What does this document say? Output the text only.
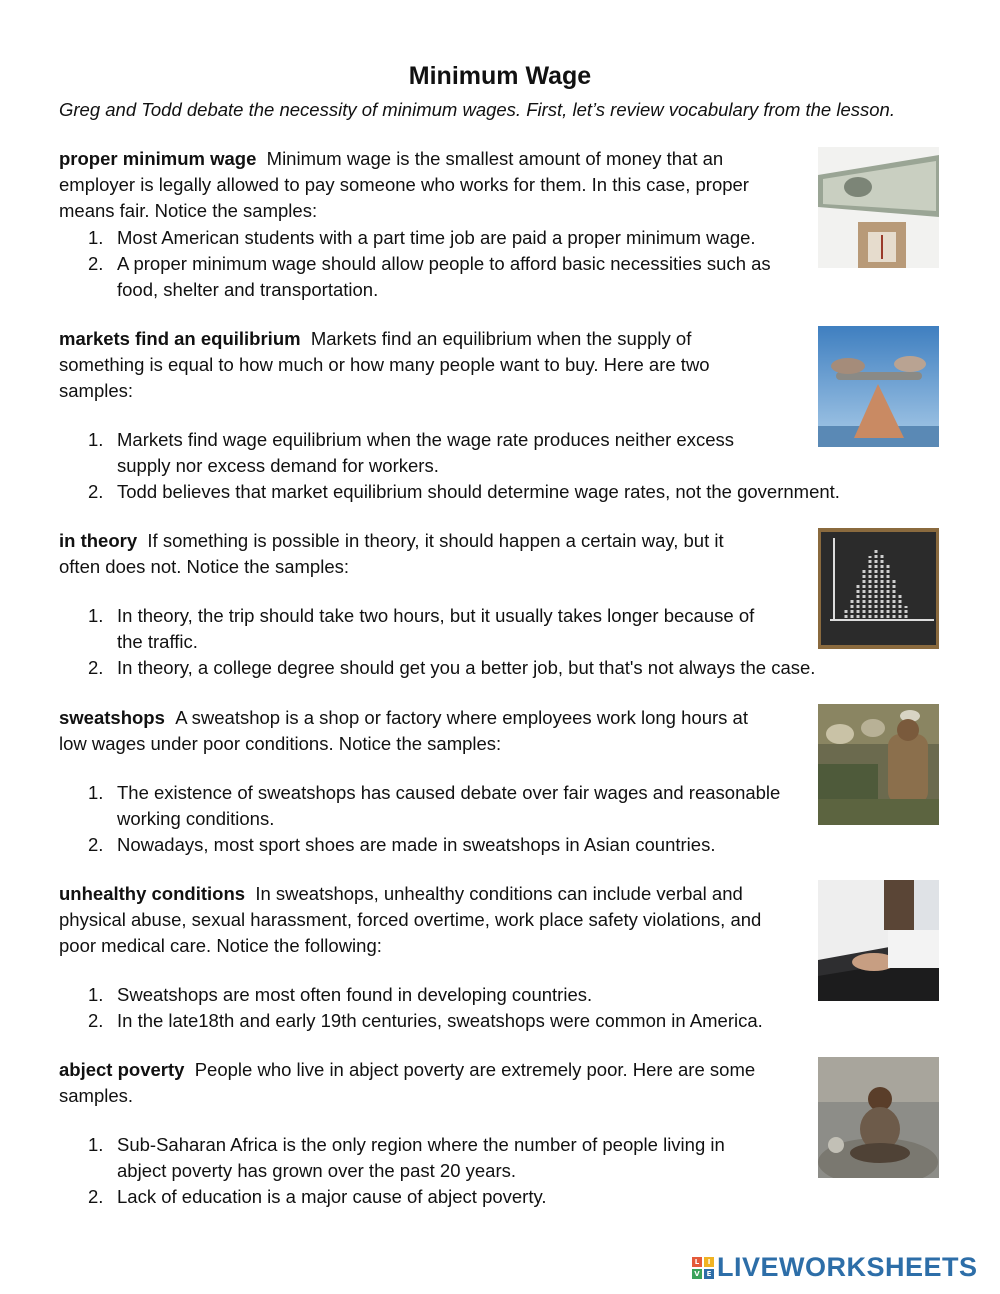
Minimum Wage
Greg and Todd debate the necessity of minimum wages. First, let’s review vocabulary from the lesson.
proper minimum wage Minimum wage is the smallest amount of money that an
employer is legally allowed to pay someone who works for them. In this case, proper
means fair. Notice the samples:
1. Most American students with a part time job are paid a proper minimum wage.
2. A proper minimum wage should allow people to afford basic necessities such as
food, shelter and transportation.
markets find an equilibrium Markets find an equilibrium when the supply of
something is equal to how much or how many people want to buy. Here are two
samples:
1. Markets find wage equilibrium when the wage rate produces neither excess
supply nor excess demand for workers.
2. Todd believes that market equilibrium should determine wage rates, not the government.
in theory If something is possible in theory, it should happen a certain way, but it
often does not. Notice the samples:
1. In theory, the trip should take two hours, but it usually takes longer because of
the traffic.
2. In theory, a college degree should get you a better job, but that's not always the case.
sweatshops A sweatshop is a shop or factory where employees work long hours at
low wages under poor conditions. Notice the samples:
1. The existence of sweatshops has caused debate over fair wages and reasonable
working conditions.
2. Nowadays, most sport shoes are made in sweatshops in Asian countries.
unhealthy conditions In sweatshops, unhealthy conditions can include verbal and
physical abuse, sexual harassment, forced overtime, work place safety violations, and
poor medical care. Notice the following:
1. Sweatshops are most often found in developing countries.
2. In the late18th and early 19th centuries, sweatshops were common in America.
abject poverty People who live in abject poverty are extremely poor. Here are some
samples.
1. Sub-Saharan Africa is the only region where the number of people living in
abject poverty has grown over the past 20 years.
2. Lack of education is a major cause of abject poverty.
L	I
V E LIVEWORKSHEETS
